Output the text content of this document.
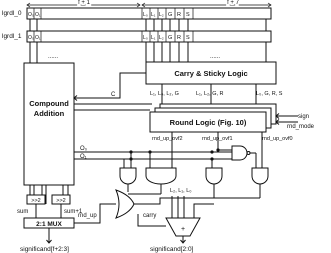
lgrdl_0
lgrdl_1
O₀ O₁	L₀ L₁ L₂ G R S
f + 1	f + 7
O₀ O₁	L₀ L₁ L₂ G R S
......	......
Compound
Addition
Carry & Sticky Logic
C	L₁, L₀, L₂, G	L₁, L₂, G, R	L₀, G, R, S
Round Logic (Fig. 10)
sign
rnd_mode
rnd_up_ovf2	rnd_up_ovf1	rnd_up_ovf0
O₀
O₁
L₂, L₁, L₀
+
significand[2:0]
carry
>>2	>>2
sum	sum+1
2:1 MUX
rnd_up
significand[f+2:3]
